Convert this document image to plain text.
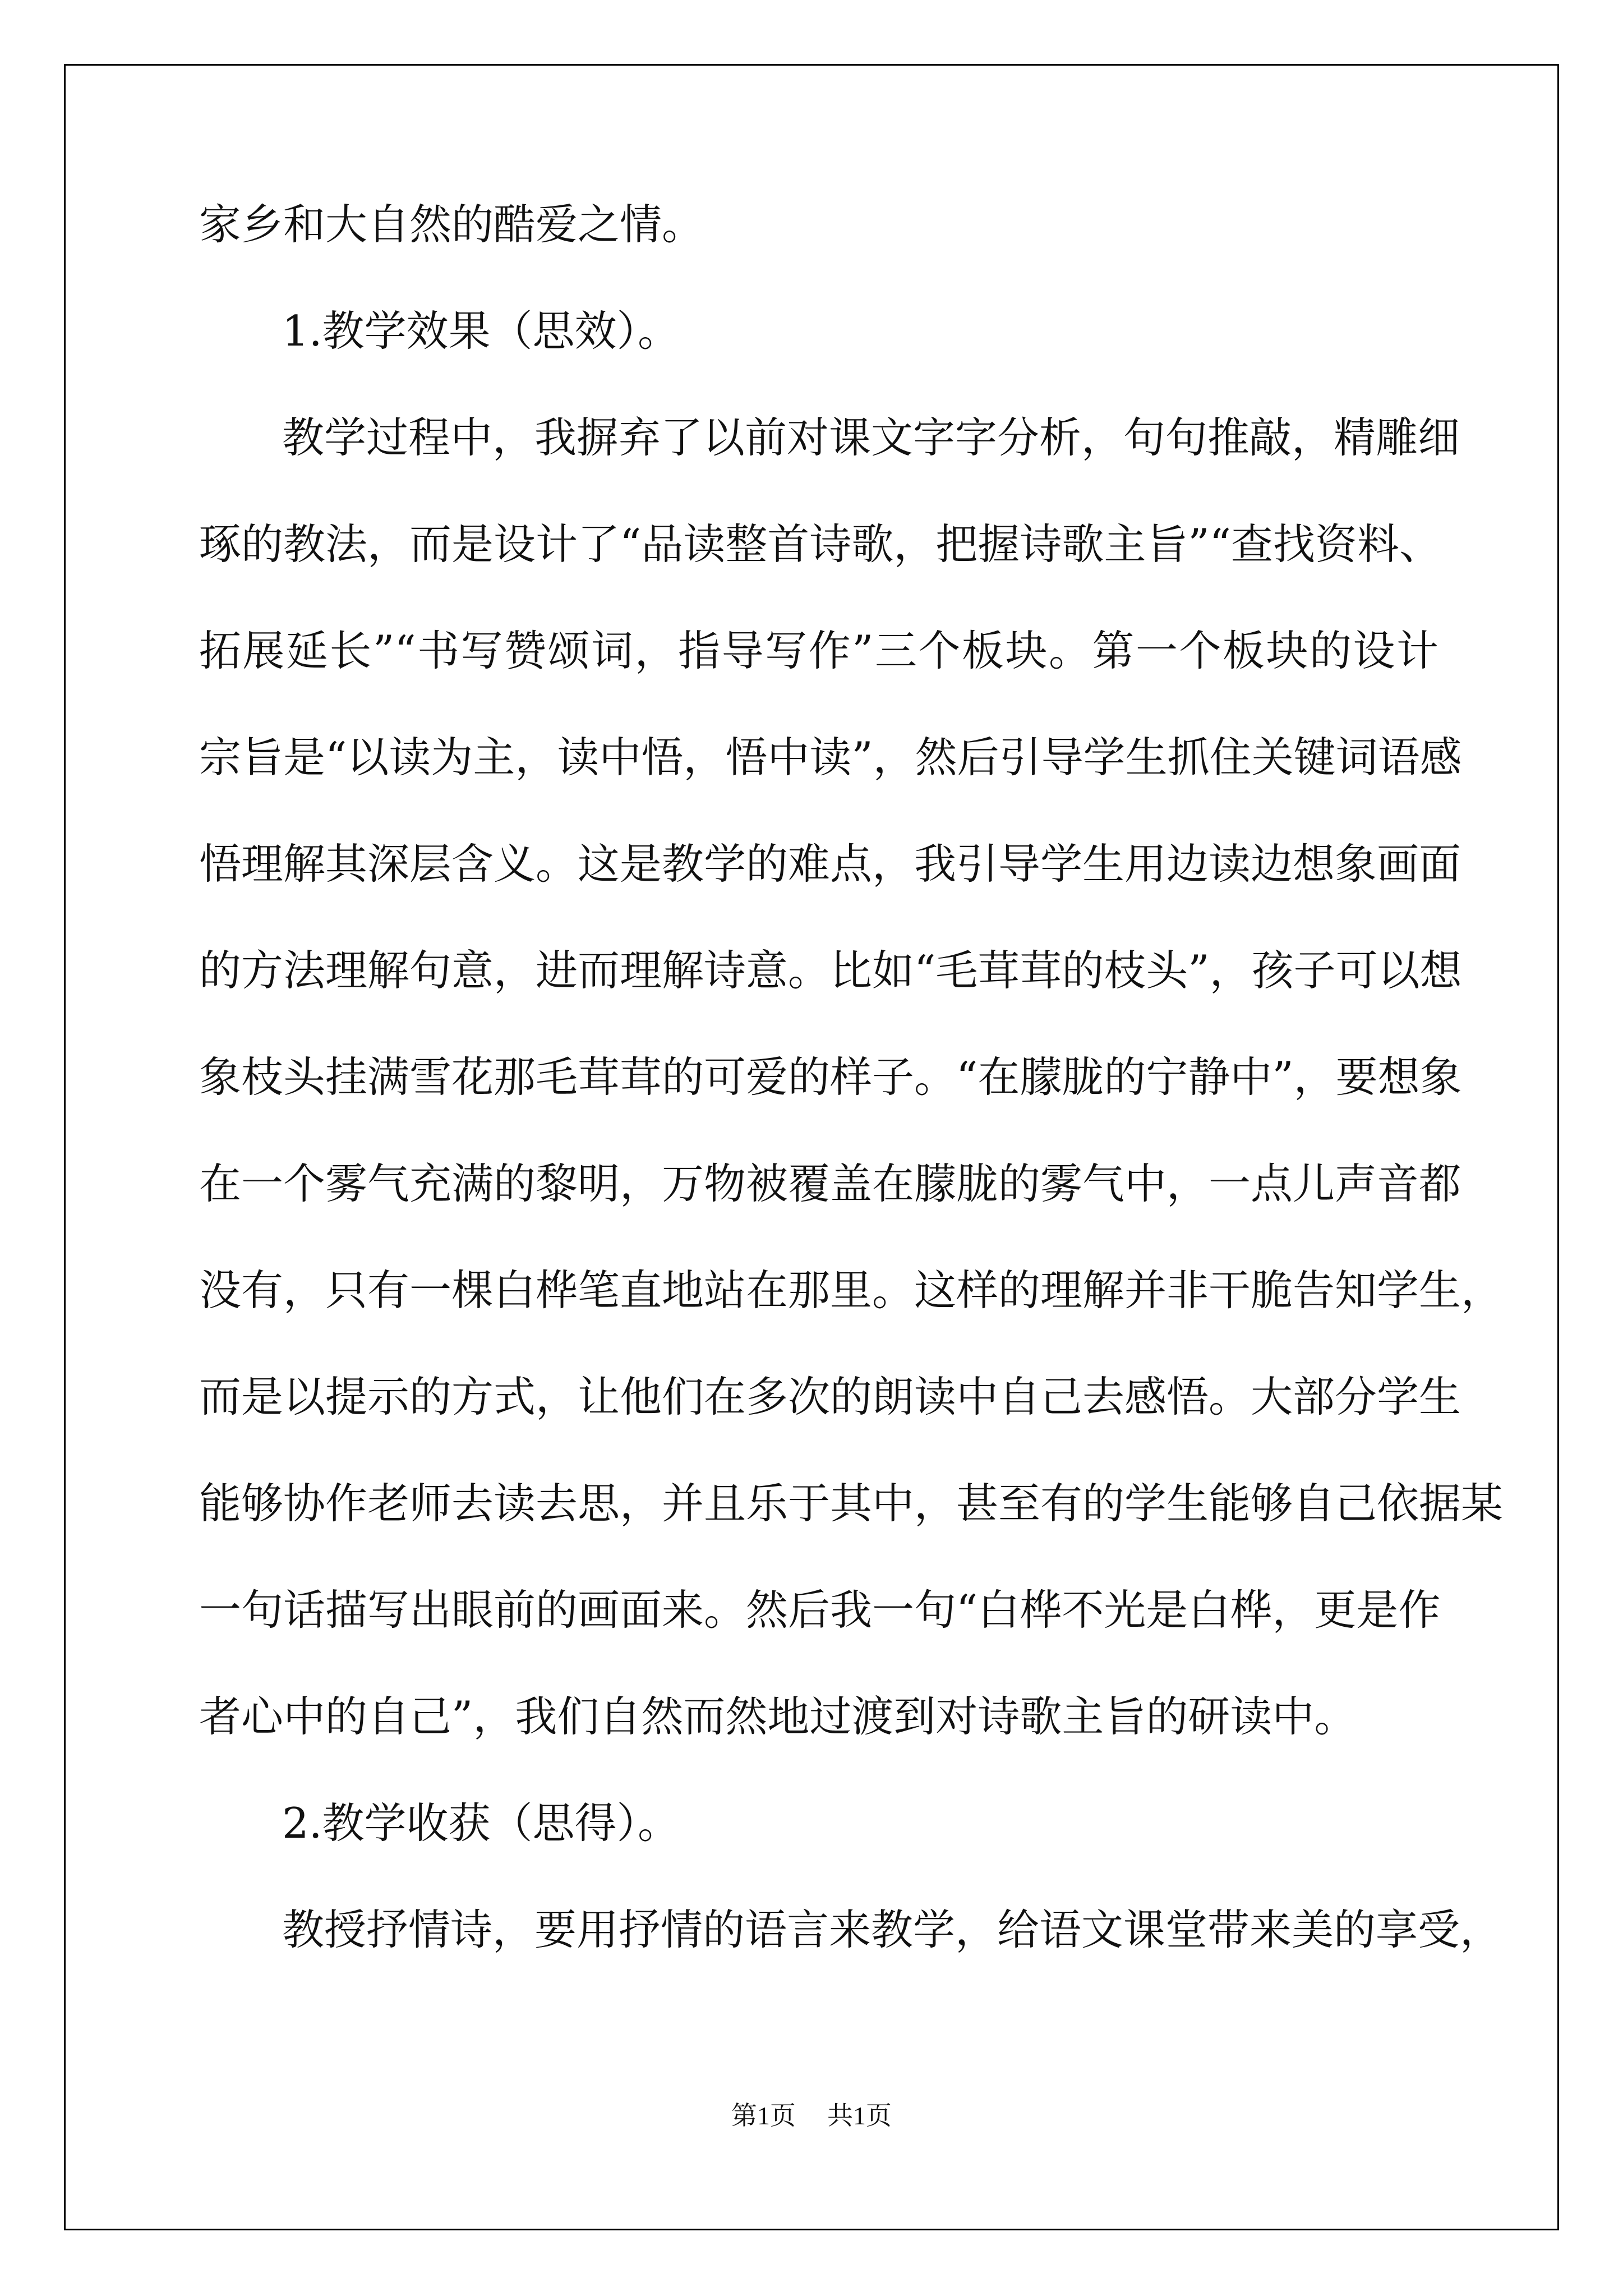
家乡和大自然的酷爱之情。
1.教学效果（思效）。
教学过程中，我摒弃了以前对课文字字分析，句句推敲，精雕细
琢的教法，而是设计了“品读整首诗歌，把握诗歌主旨”“查找资料、
拓展延长”“书写赞颂词，指导写作”三个板块。第一个板块的设计
宗旨是“以读为主，读中悟，悟中读”，然后引导学生抓住关键词语感
悟理解其深层含义。这是教学的难点，我引导学生用边读边想象画面
的方法理解句意，进而理解诗意。比如“毛茸茸的枝头”，孩子可以想
象枝头挂满雪花那毛茸茸的可爱的样子。“在朦胧的宁静中”，要想象
在一个雾气充满的黎明，万物被覆盖在朦胧的雾气中，一点儿声音都
没有，只有一棵白桦笔直地站在那里。这样的理解并非干脆告知学生，
而是以提示的方式，让他们在多次的朗读中自己去感悟。大部分学生
能够协作老师去读去思，并且乐于其中，甚至有的学生能够自己依据某
一句话描写出眼前的画面来。然后我一句“白桦不光是白桦，更是作
者心中的自己”，我们自然而然地过渡到对诗歌主旨的研读中。
2.教学收获（思得）。
教授抒情诗，要用抒情的语言来教学，给语文课堂带来美的享受，
第1页 共1页
